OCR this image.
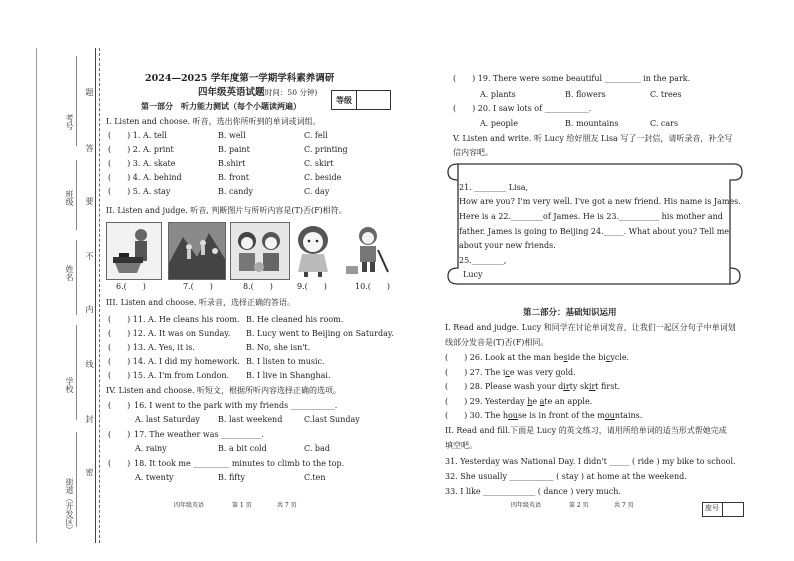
考号
班级
姓名
学校
街道（开发区）
题
答
要
不
内
线
封
密
2024—2025 学年度第一学期学科素养调研
四年级英语试题
(时间：50 分钟)
等级
第一部分　听力能力测试（每个小题读两遍）
I. Listen and choose. 听音，选出你所听到的单词或词组。
(　　) 1. A. tell	B. well	C. fell
(　　) 2. A. print	B. paint	C. printing
(　　) 3. A. skate	B.shirt	C. skirt
(　　) 4. A. behind	B. front	C. beside
(　　) 5. A. stay	B. candy	C. day
II. Listen and judge. 听音, 判断图片与所听内容是(T)否(F)相符。
6.(　　)	7.(　　)	8.(　　)	9.(　　)	10.(　　)
III. Listen and choose. 听录音，选择正确的答语。
(　　) 11. A. He cleans his room. B. He cleaned his room.
(　　) 12. A. It was on Sunday. B. Lucy went to Beijing on Saturday.
(　　) 13. A. Yes, it is.	B. No, she isn't.
(　　) 14. A. I did my homework. B. I listen to music.
(　　) 15. A. I'm from London. B. I live in Shanghai.
IV. Listen and choose. 听短文，根据所听内容选择正确的选项。
(　　) 16. I went to the park with my friends ___________.
A. last Saturday B. last weekend	C.last Sunday
(　　) 17. The weather was __________.
A. rainy	B. a bit cold	C. bad
(　　) 18. It took me _________ minutes to climb to the top.
A. twenty	B. fifty	C.ten
四年级英语	第 1 页	共 7 页
(　　) 19. There were some beautiful _________ in the park.
A. plants	B. flowers	C. trees
(　　) 20. I saw lots of ___________.
A. people	B. mountains	C. cars
V. Listen and write. 听 Lucy 给好朋友 Lisa 写了一封信，请听录音，补全写
信内容吧。
21. ________ Lisa,
How are you? I'm very well. I've got a new friend. His name is James.
Here is a 22.________of James. He is 23.__________ his mother and
father. James is going to Beijing 24._____. What about you? Tell me
about your new friends.
25.________,
Lucy
第二部分：基础知识运用
I. Read and judge. Lucy 和同学在讨论单词发音，让我们一起区分句子中单词划
线部分发音是(T)否(F)相同。
(　　) 26. Look at the man beside the bicycle.
(　　) 27. The ice was very gold.
(　　) 28. Please wash your dirty skirt first.
(　　) 29. Yesterday he ate an apple.
(　　) 30. The house is in front of the mountains.
II. Read and fill.下面是 Lucy 的英文练习，请用所给单词的适当形式帮她完成
填空吧。
31. Yesterday was National Day. I didn't _____ ( ride ) my bike to school.
32. She usually ___________ ( stay ) at home at the weekend.
33. I like _____________ ( dance ) very much.
四年级英语	第 2 页	共 7 页	座号
